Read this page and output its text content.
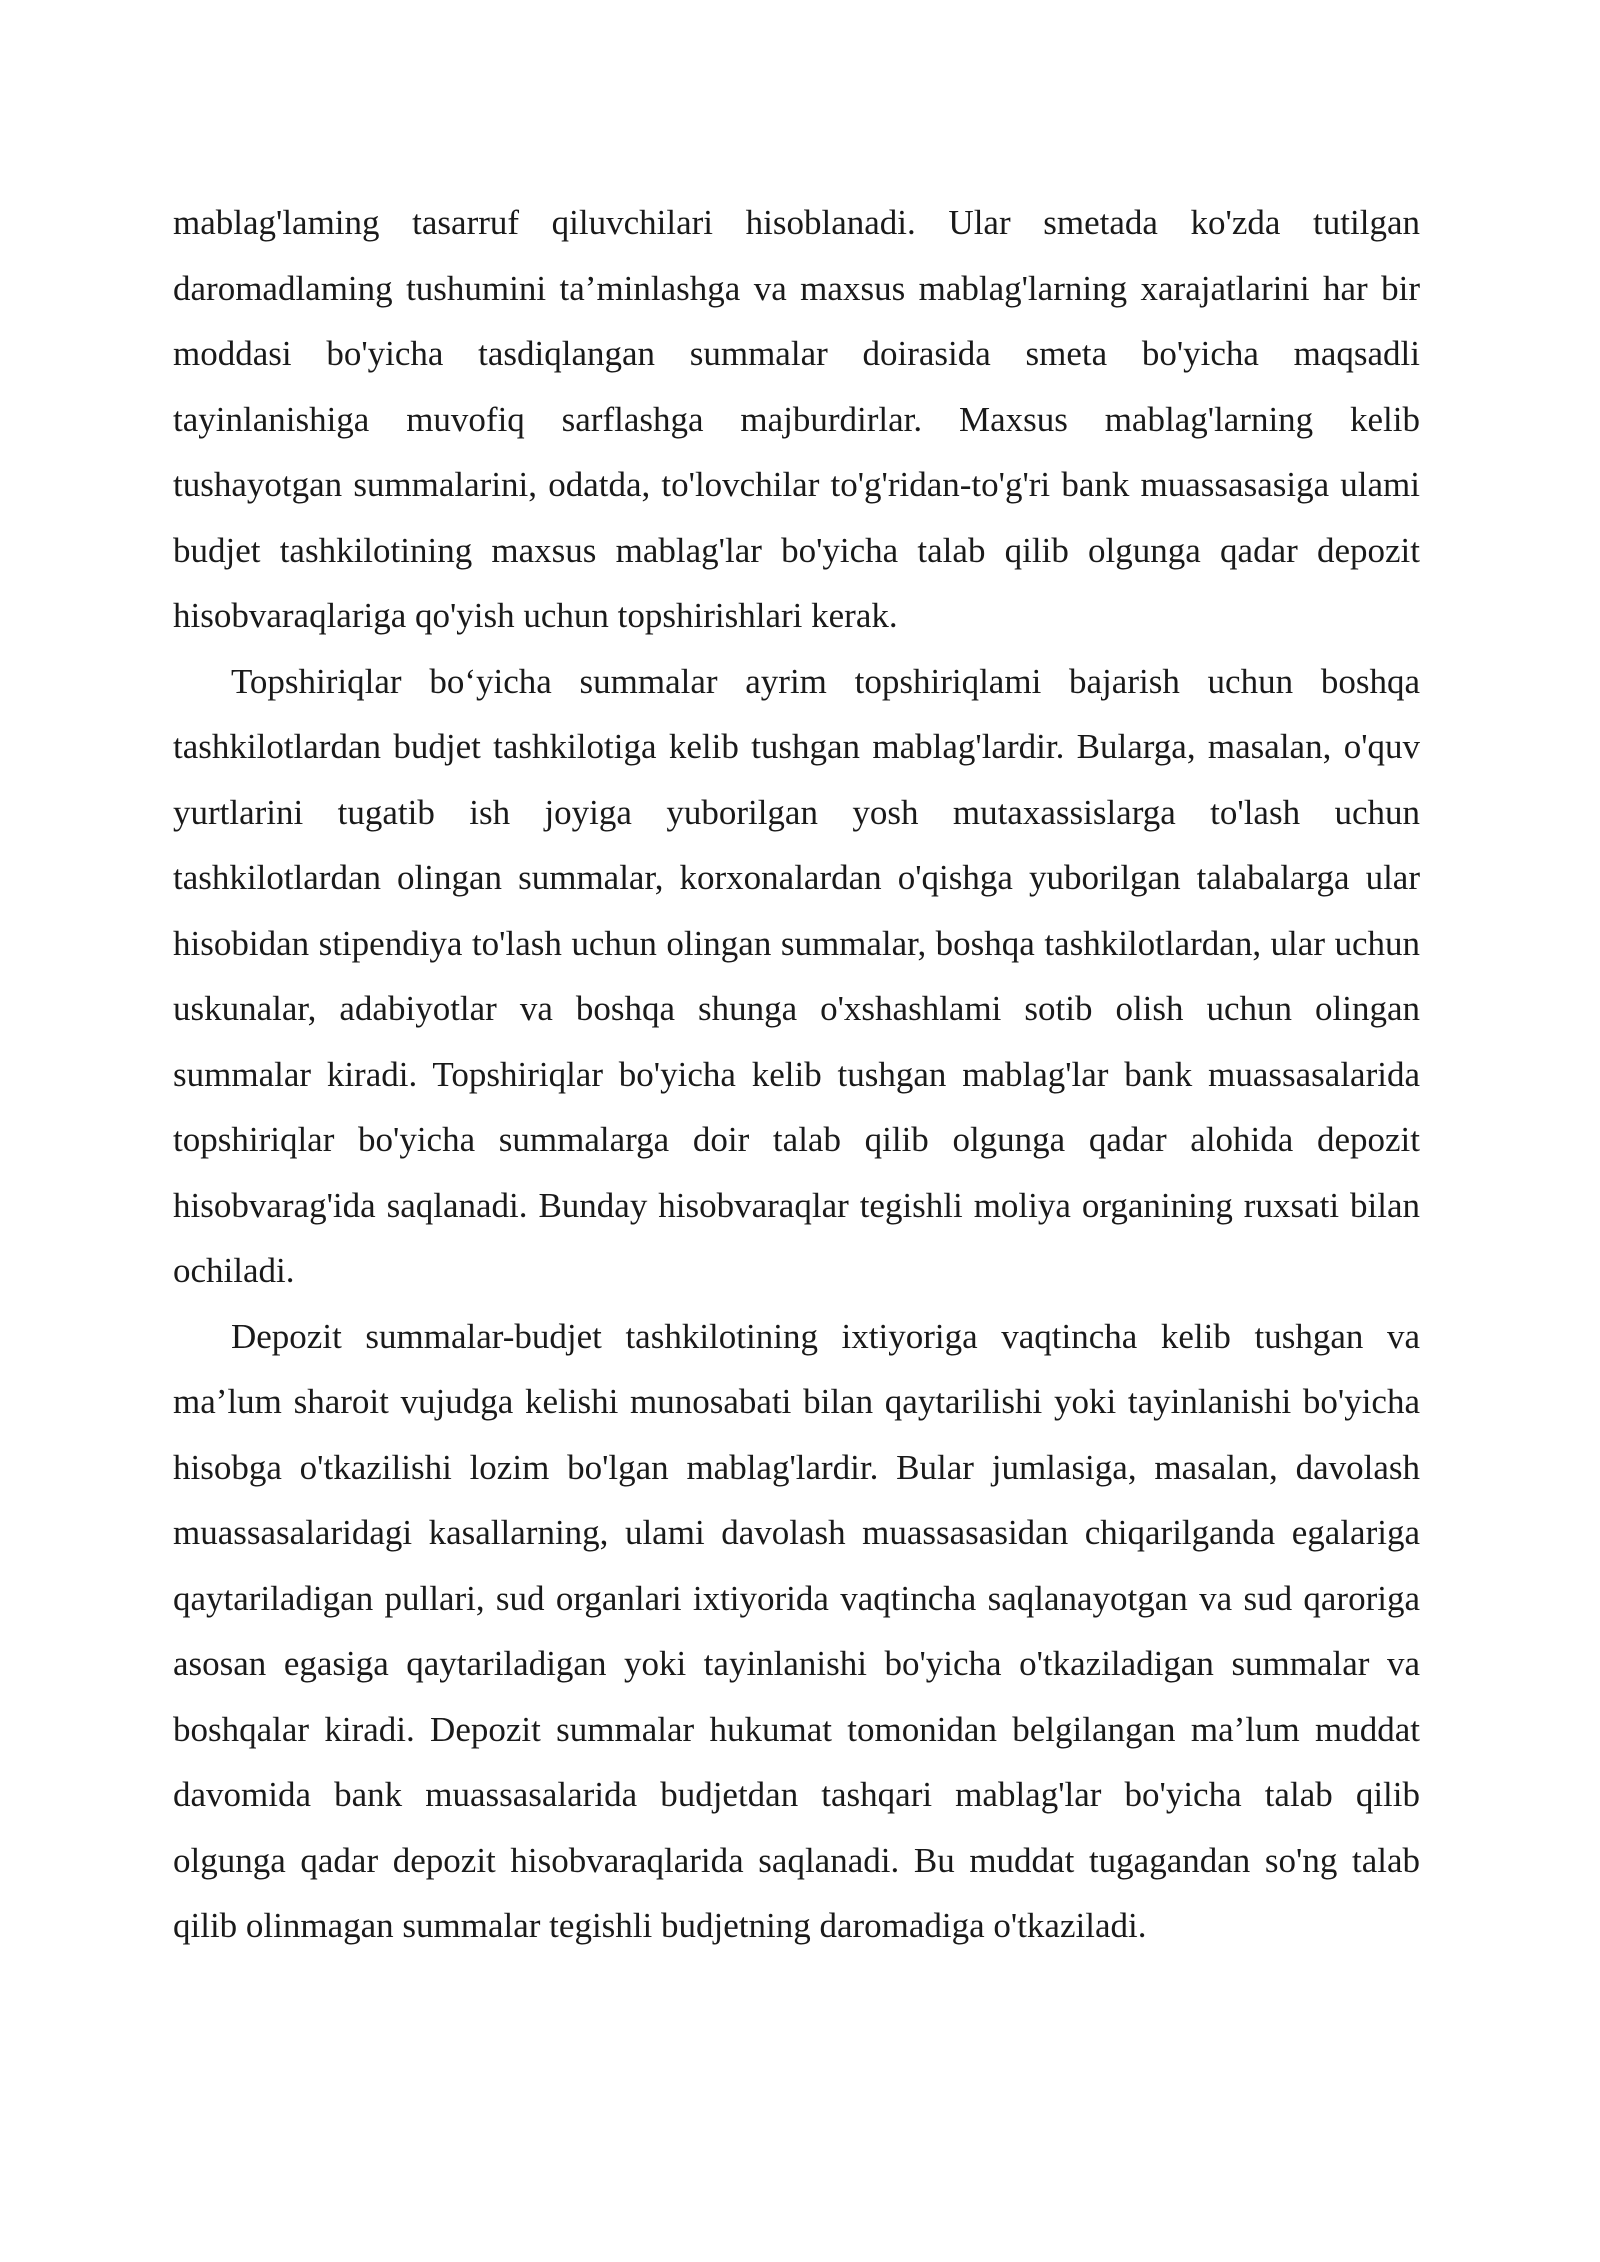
mablag'laming tasarruf qiluvchilari hisoblanadi. Ular smetada ko'zda tutilgan daromadlaming tushumini ta’minlashga va maxsus mablag'larning xarajatlarini har bir moddasi bo'yicha tasdiqlangan summalar doirasida smeta bo'yicha maqsadli tayinlanishiga muvofiq sarflashga majburdirlar. Maxsus mablag'larning kelib tushayotgan summalarini, odatda, to'lovchilar to'g'ridan-to'g'ri bank muassasasiga ulami budjet tashkilotining maxsus mablag'lar bo'yicha talab qilib olgunga qadar depozit hisobvaraqlariga qo'yish uchun topshirishlari kerak.

Topshiriqlar bo‘yicha summalar ayrim topshiriqlami bajarish uchun boshqa tashkilotlardan budjet tashkilotiga kelib tushgan mablag'lardir. Bularga, masalan, o'quv yurtlarini tugatib ish joyiga yuborilgan yosh mutaxassislarga to'lash uchun tashkilotlardan olingan summalar, korxonalardan o'qishga yuborilgan talabalarga ular hisobidan stipendiya to'lash uchun olingan summalar, boshqa tashkilotlardan, ular uchun uskunalar, adabiyotlar va boshqa shunga o'xshashlami sotib olish uchun olingan summalar kiradi. Topshiriqlar bo'yicha kelib tushgan mablag'lar bank muassasalarida topshiriqlar bo'yicha summalarga doir talab qilib olgunga qadar alohida depozit hisobvarag'ida saqlanadi. Bunday hisobvaraqlar tegishli moliya organining ruxsati bilan ochiladi.

Depozit summalar-budjet tashkilotining ixtiyoriga vaqtincha kelib tushgan va ma’lum sharoit vujudga kelishi munosabati bilan qaytarilishi yoki tayinlanishi bo'yicha hisobga o'tkazilishi lozim bo'lgan mablag'lardir. Bular jumlasiga, masalan, davolash muassasalaridagi kasallarning, ulami davolash muassasasidan chiqarilganda egalariga qaytariladigan pullari, sud organlari ixtiyorida vaqtincha saqlanayotgan va sud qaroriga asosan egasiga qaytariladigan yoki tayinlanishi bo'yicha o'tkaziladigan summalar va boshqalar kiradi. Depozit summalar hukumat tomonidan belgilangan ma’lum muddat davomida bank muassasalarida budjetdan tashqari mablag'lar bo'yicha talab qilib olgunga qadar depozit hisobvaraqlarida saqlanadi. Bu muddat tugagandan so'ng talab qilib olinmagan summalar tegishli budjetning daromadiga o'tkaziladi.
